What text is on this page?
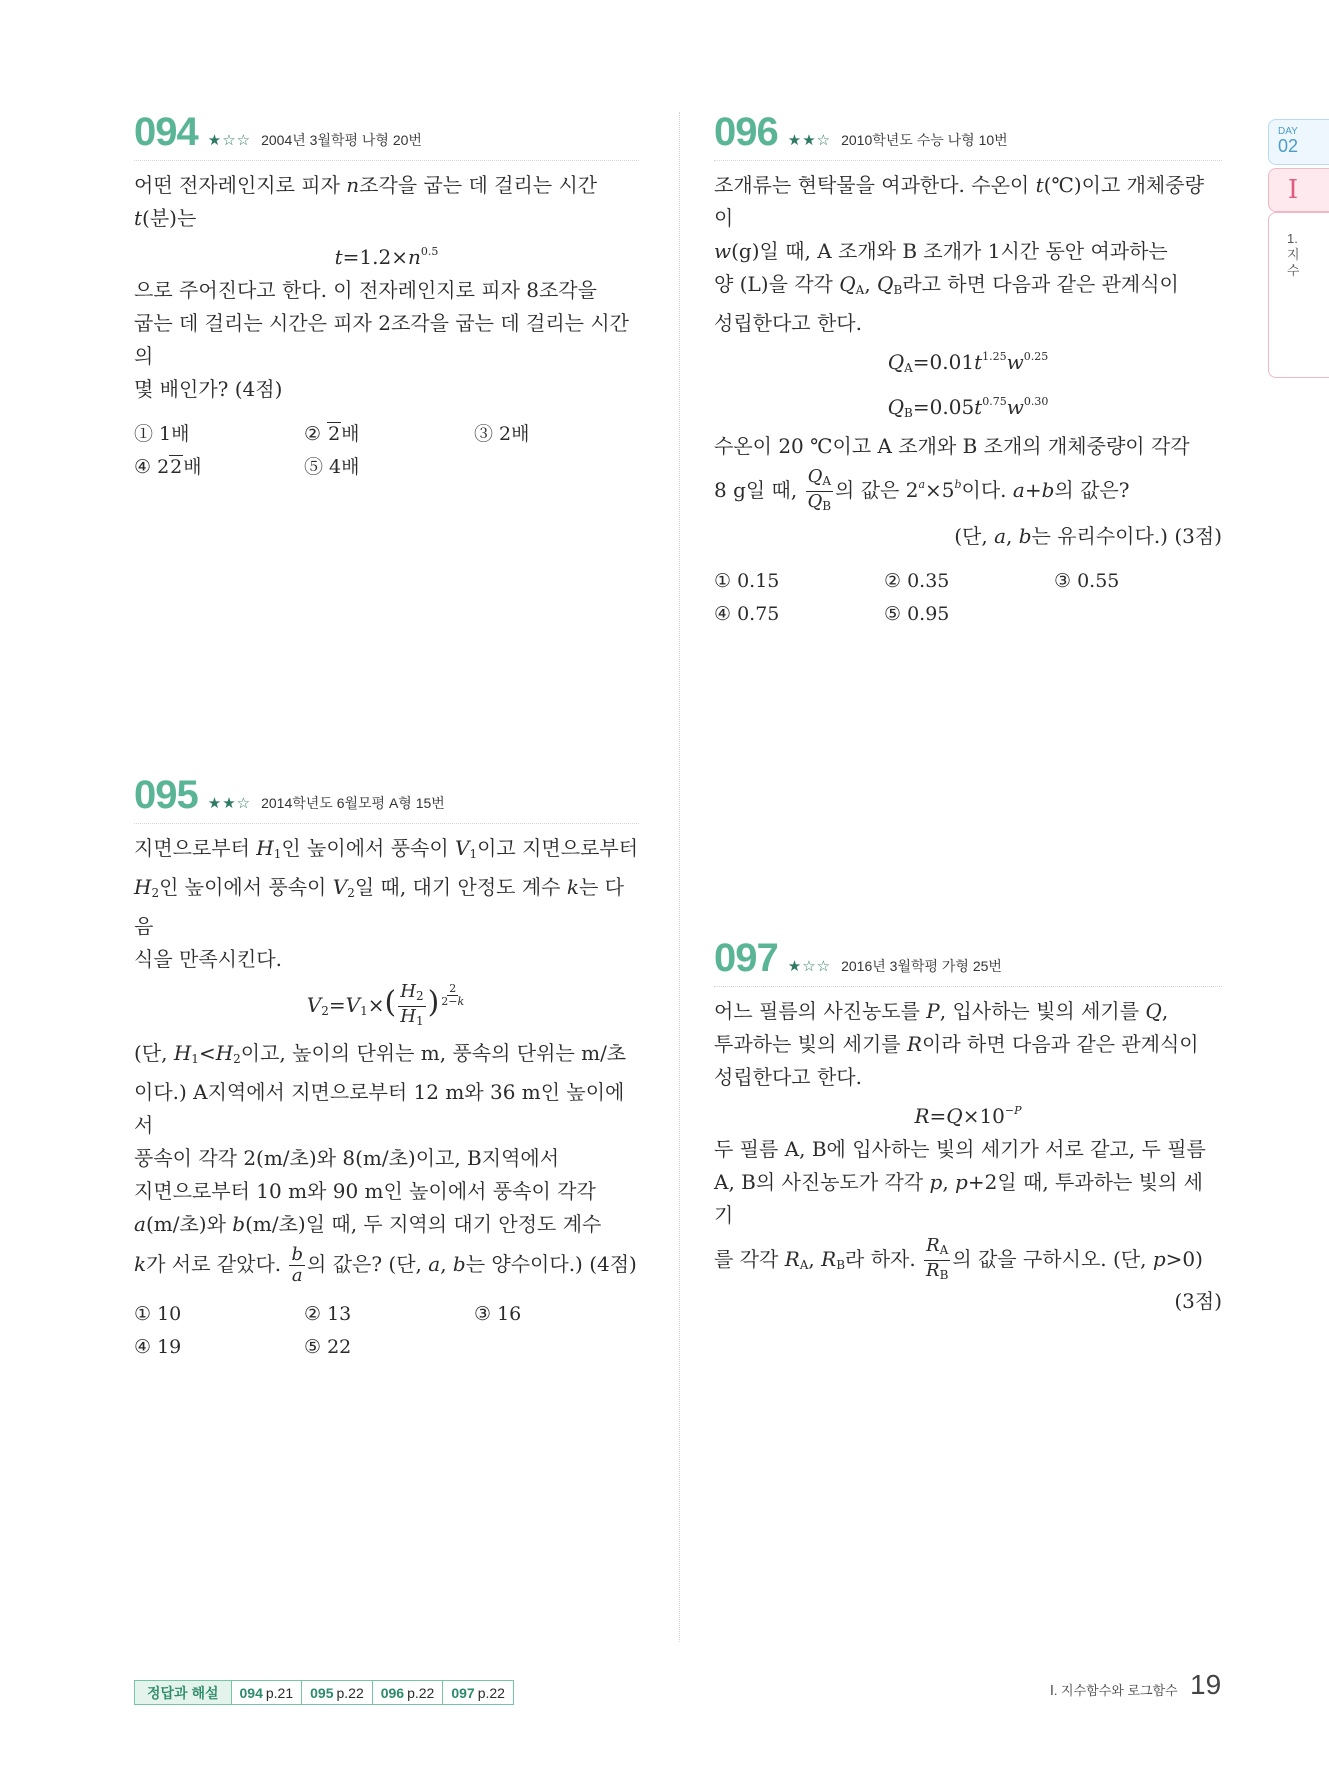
094 ★☆☆ 2004년 3월학평 나형 20번

어떤 전자레인지로 피자 n조각을 굽는 데 걸리는 시간 t(분)는

$t=1.2\times n^{0.5}$

으로 주어진다고 한다. 이 전자레인지로 피자 8조각을

굽는 데 걸리는 시간은 피자 2조각을 굽는 데 걸리는 시간의

몇 배인가? (4점)

① 1배	② 2배	③ 2배
④ 22배	⑤ 4배
095 ★★☆ 2014학년도 6월모평 A형 15번

지면으로부터 $H_1$인 높이에서 풍속이 $V_1$이고 지면으로부터

$H_2$인 높이에서 풍속이 $V_2$일 때, 대기 안정도 계수 k는 다음

식을 만족시킨다.

$V_2=V_1\times( \frac{H_2}{H_1}$ ) $\frac{2}{2-k}$

(단, $H_1<H_2$이고, 높이의 단위는 m, 풍속의 단위는 m/초

이다.) A지역에서 지면으로부터 12 m와 36 m인 높이에서

풍속이 각각 2(m/초)와 8(m/초)이고, B지역에서

지면으로부터 10 m와 90 m인 높이에서 풍속이 각각

a(m/초)와 b(m/초)일 때, 두 지역의 대기 안정도 계수

k가 서로 같았다. $\frac{b}{a}$ 의 값은? (단, a, b는 양수이다.) (4점)

① 10	② 13	③ 16
④ 19	⑤ 22
096 ★★☆ 2010학년도 수능 나형 10번

조개류는 현탁물을 여과한다. 수온이 t(℃)이고 개체중량이

w(g)일 때, A 조개와 B 조개가 1시간 동안 여과하는

양 (L)을 각각 $Q_A$, $Q_B$라고 하면 다음과 같은 관계식이

성립한다고 한다.

$Q_A=0.01t^{1.25}w^{0.25}$

$Q_B=0.05t^{0.75}w^{0.30}$

수온이 20 ℃이고 A 조개와 B 조개의 개체중량이 각각

8 g일 때, $\frac{Q_A}{Q_B}$ 의 값은 $2^a\times 5^b$이다. a+b의 값은?

(단, a, b는 유리수이다.) (3점)

① 0.15	② 0.35	③ 0.55
④ 0.75	⑤ 0.95
097 ★☆☆ 2016년 3월학평 가형 25번

어느 필름의 사진농도를 P, 입사하는 빛의 세기를 Q,

투과하는 빛의 세기를 R이라 하면 다음과 같은 관계식이

성립한다고 한다.

$R=Q\times 10^{-P}$

두 필름 A, B에 입사하는 빛의 세기가 서로 같고, 두 필름

A, B의 사진농도가 각각 p, p+2일 때, 투과하는 빛의 세기

를 각각 $R_A$, $R_B$라 하자. $\frac{R_A}{R_B}$ 의 값을 구하시오. (단, p>0)

(3점)

DAY
02
I
1. 지수
정답과 해설	094 p.21 095 p.22 096 p.22 097 p.22	Ⅰ. 지수함수와 로그함수 19
